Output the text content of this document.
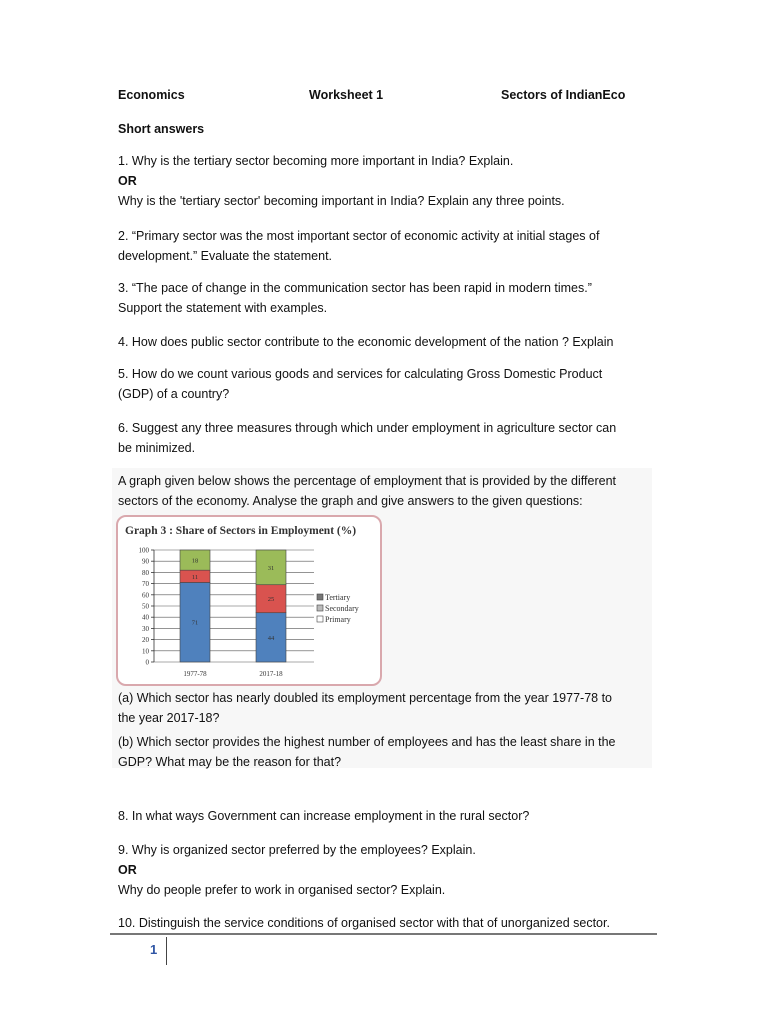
Economics	Worksheet 1	Sectors of IndianEco
Short answers
1. Why is the tertiary sector becoming more important in India? Explain.
OR
Why is the 'tertiary sector' becoming important in India? Explain any three points.
2. “Primary sector was the most important sector of economic activity at initial stages of
development.” Evaluate the statement.
3. “The pace of change in the communication sector has been rapid in modern times.”
Support the statement with examples.
4. How does public sector contribute to the economic development of the nation ? Explain
5. How do we count various goods and services for calculating Gross Domestic Product
(GDP) of a country?
6. Suggest any three measures through which under employment in agriculture sector can
be minimized.
A graph given below shows the percentage of employment that is provided by the different
sectors of the economy. Analyse the graph and give answers to the given questions:
Graph 3 : Share of Sectors in Employment (%)
0
10
20
30
40
50
60
70
80
90
100
71
11
18
1977-78
44
25
31
2017-18
Tertiary
Secondary
Primary
(a) Which sector has nearly doubled its employment percentage from the year 1977-78 to
the year 2017-18?
(b) Which sector provides the highest number of employees and has the least share in the
GDP? What may be the reason for that?
8. In what ways Government can increase employment in the rural sector?
9. Why is organized sector preferred by the employees? Explain.
OR
Why do people prefer to work in organised sector? Explain.
10. Distinguish the service conditions of organised sector with that of unorganized sector.
1
